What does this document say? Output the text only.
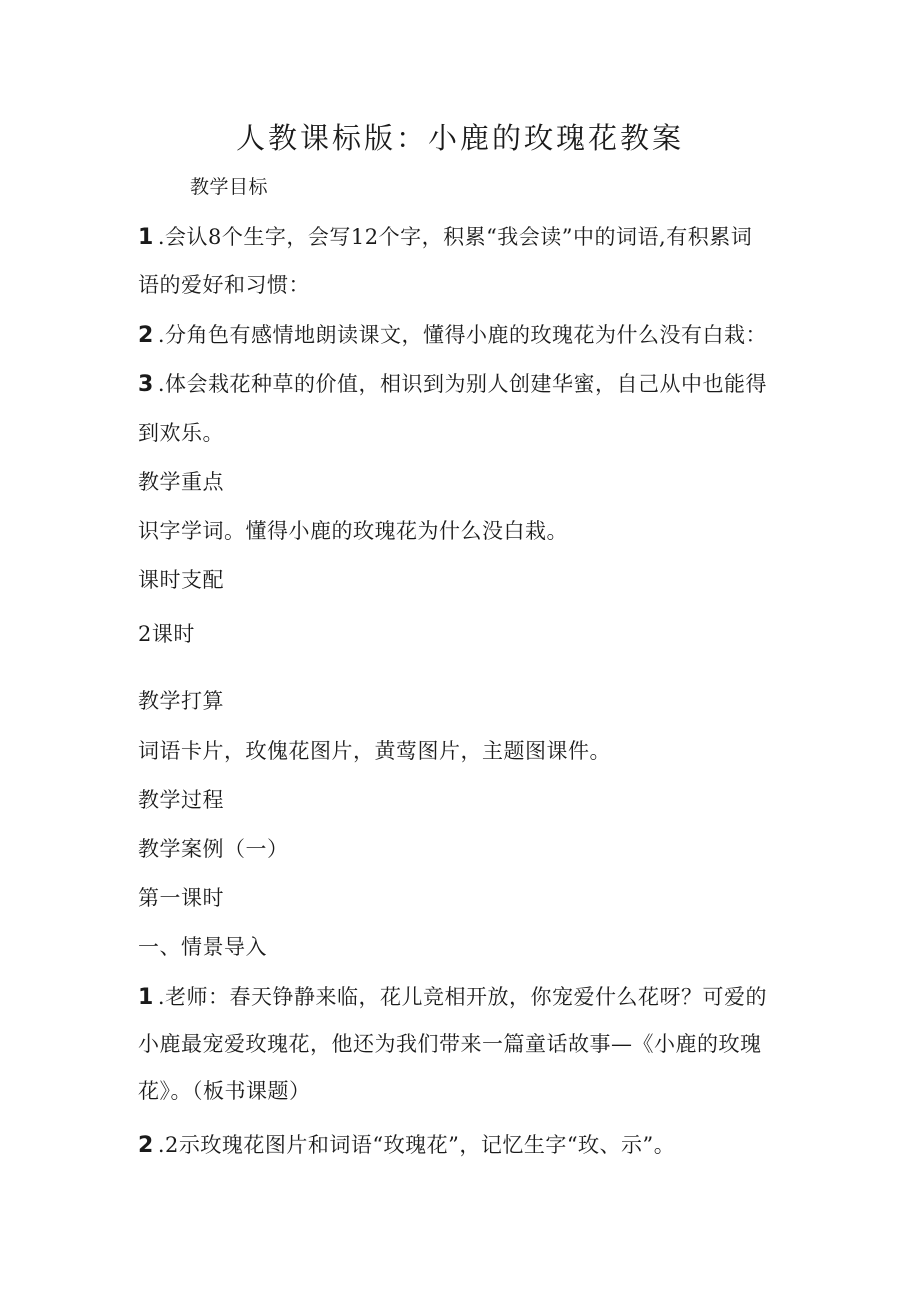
人教课标版：小鹿的玫瑰花教案
教学目标
1 .会认8个生字，会写12个字，积累“我会读”中的词语,有积累词
语的爱好和习惯：
2 .分角色有感情地朗读课文，懂得小鹿的玫瑰花为什么没有白栽：
3 .体会栽花种草的价值，相识到为别人创建华蜜，自己从中也能得
到欢乐。
教学重点
识字学词。懂得小鹿的玫瑰花为什么没白栽。
课时支配
2课时
教学打算
词语卡片，玫傀花图片，黄莺图片，主题图课件。
教学过程
教学案例（一）
第一课时
一、情景导入
1 .老师：春天铮静来临，花儿竞相开放，你宠爱什么花呀？可爱的
小鹿最宠爱玫瑰花，他还为我们带来一篇童话故事—《小鹿的玫瑰
花》。（板书课题）
2 .2示玫瑰花图片和词语“玫瑰花”，记忆生字“玫、示”。
